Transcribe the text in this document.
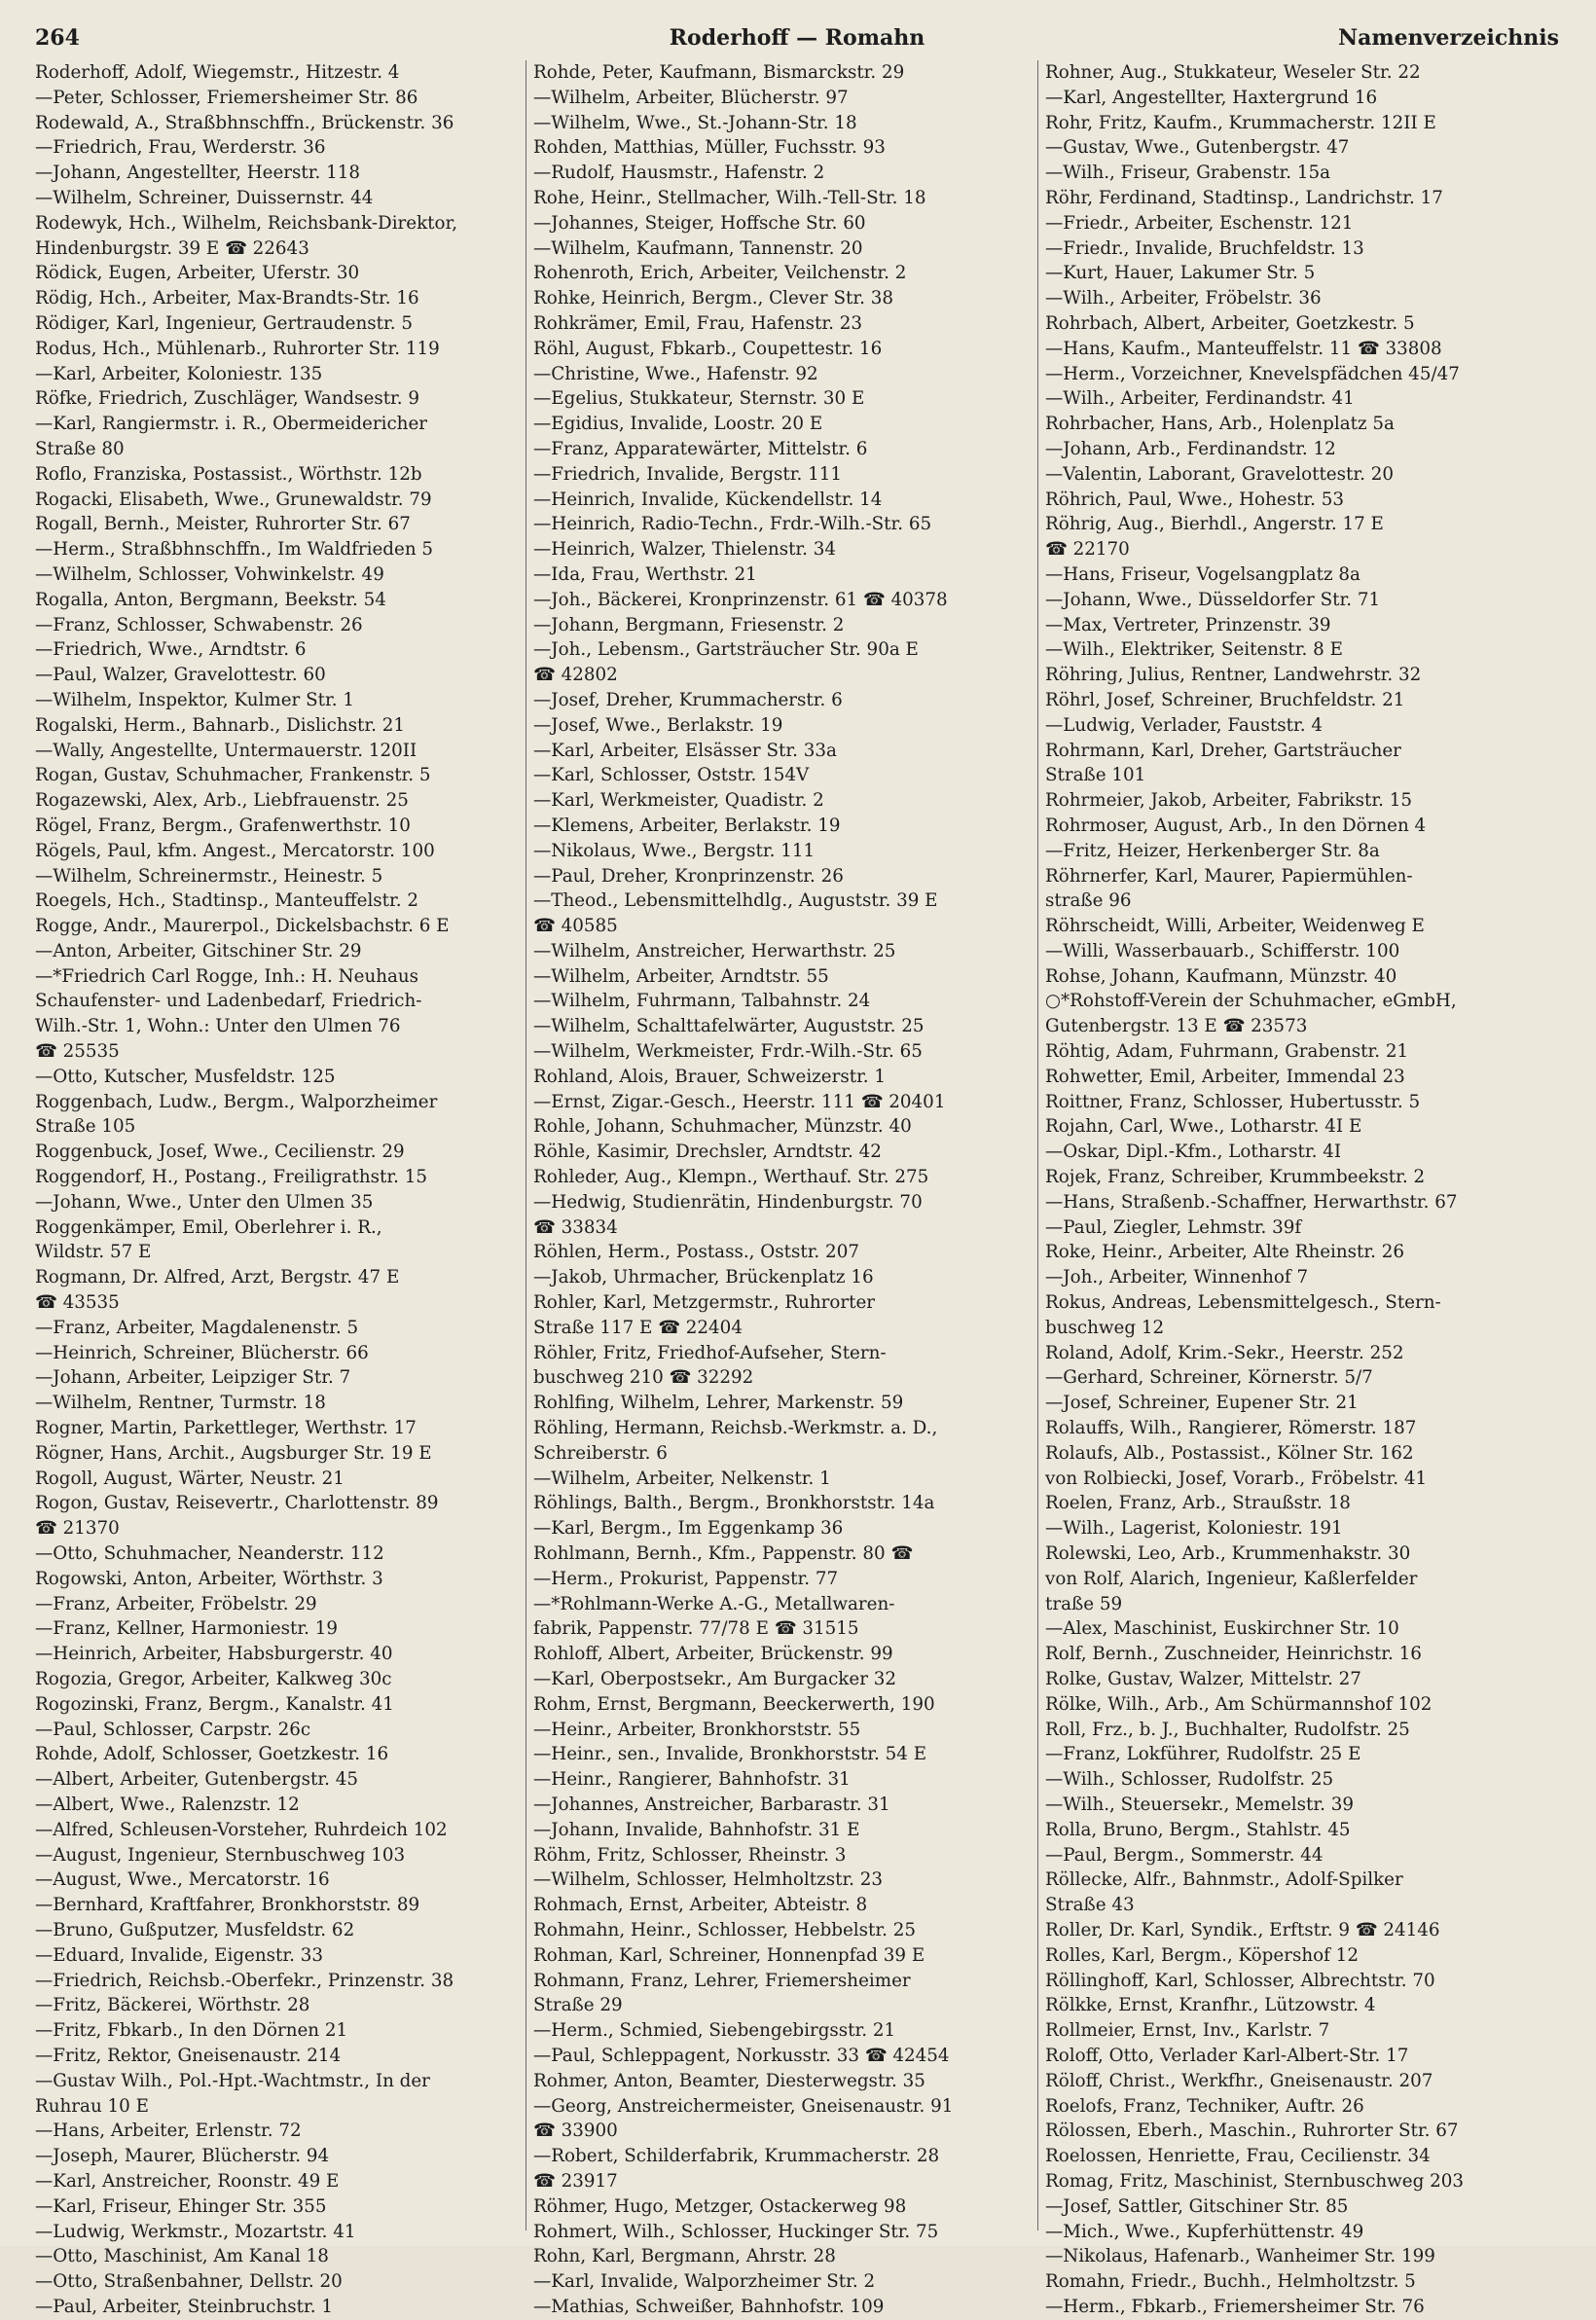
264	Roderhoff — Romahn	Namenverzeichnis
Roderhoff, Adolf, Wiegemstr., Hitzestr. 4
—Peter, Schlosser, Friemersheimer Str. 86
Rodewald, A., Straßbhnschffn., Brückenstr. 36
—Friedrich, Frau, Werderstr. 36
—Johann, Angestellter, Heerstr. 118
—Wilhelm, Schreiner, Duissernstr. 44
Rodewyk, Hch., Wilhelm, Reichsbank-Direktor,
Hindenburgstr. 39 E ☎ 22643
Rödick, Eugen, Arbeiter, Uferstr. 30
Rödig, Hch., Arbeiter, Max-Brandts-Str. 16
Rödiger, Karl, Ingenieur, Gertraudenstr. 5
Rodus, Hch., Mühlenarb., Ruhrorter Str. 119
—Karl, Arbeiter, Koloniestr. 135
Röfke, Friedrich, Zuschläger, Wandsestr. 9
—Karl, Rangiermstr. i. R., Obermeidericher
Straße 80
Roflo, Franziska, Postassist., Wörthstr. 12b
Rogacki, Elisabeth, Wwe., Grunewaldstr. 79
Rogall, Bernh., Meister, Ruhrorter Str. 67
—Herm., Straßbhnschffn., Im Waldfrieden 5
—Wilhelm, Schlosser, Vohwinkelstr. 49
Rogalla, Anton, Bergmann, Beekstr. 54
—Franz, Schlosser, Schwabenstr. 26
—Friedrich, Wwe., Arndtstr. 6
—Paul, Walzer, Gravelottestr. 60
—Wilhelm, Inspektor, Kulmer Str. 1
Rogalski, Herm., Bahnarb., Dislichstr. 21
—Wally, Angestellte, Untermauerstr. 120II
Rogan, Gustav, Schuhmacher, Frankenstr. 5
Rogazewski, Alex, Arb., Liebfrauenstr. 25
Rögel, Franz, Bergm., Grafenwerthstr. 10
Rögels, Paul, kfm. Angest., Mercatorstr. 100
—Wilhelm, Schreinermstr., Heinestr. 5
Roegels, Hch., Stadtinsp., Manteuffelstr. 2
Rogge, Andr., Maurerpol., Dickelsbachstr. 6 E
—Anton, Arbeiter, Gitschiner Str. 29
—*Friedrich Carl Rogge, Inh.: H. Neuhaus
Schaufenster- und Ladenbedarf, Friedrich-
Wilh.-Str. 1, Wohn.: Unter den Ulmen 76
☎ 25535
—Otto, Kutscher, Musfeldstr. 125
Roggenbach, Ludw., Bergm., Walporzheimer
Straße 105
Roggenbuck, Josef, Wwe., Cecilienstr. 29
Roggendorf, H., Postang., Freiligrathstr. 15
—Johann, Wwe., Unter den Ulmen 35
Roggenkämper, Emil, Oberlehrer i. R.,
Wildstr. 57 E
Rogmann, Dr. Alfred, Arzt, Bergstr. 47 E
☎ 43535
—Franz, Arbeiter, Magdalenenstr. 5
—Heinrich, Schreiner, Blücherstr. 66
—Johann, Arbeiter, Leipziger Str. 7
—Wilhelm, Rentner, Turmstr. 18
Rogner, Martin, Parkettleger, Werthstr. 17
Rögner, Hans, Archit., Augsburger Str. 19 E
Rogoll, August, Wärter, Neustr. 21
Rogon, Gustav, Reisevertr., Charlottenstr. 89
☎ 21370
—Otto, Schuhmacher, Neanderstr. 112
Rogowski, Anton, Arbeiter, Wörthstr. 3
—Franz, Arbeiter, Fröbelstr. 29
—Franz, Kellner, Harmoniestr. 19
—Heinrich, Arbeiter, Habsburgerstr. 40
Rogozia, Gregor, Arbeiter, Kalkweg 30c
Rogozinski, Franz, Bergm., Kanalstr. 41
—Paul, Schlosser, Carpstr. 26c
Rohde, Adolf, Schlosser, Goetzkestr. 16
—Albert, Arbeiter, Gutenbergstr. 45
—Albert, Wwe., Ralenzstr. 12
—Alfred, Schleusen-Vorsteher, Ruhrdeich 102
—August, Ingenieur, Sternbuschweg 103
—August, Wwe., Mercatorstr. 16
—Bernhard, Kraftfahrer, Bronkhorststr. 89
—Bruno, Gußputzer, Musfeldstr. 62
—Eduard, Invalide, Eigenstr. 33
—Friedrich, Reichsb.-Oberfekr., Prinzenstr. 38
—Fritz, Bäckerei, Wörthstr. 28
—Fritz, Fbkarb., In den Dörnen 21
—Fritz, Rektor, Gneisenaustr. 214
—Gustav Wilh., Pol.-Hpt.-Wachtmstr., In der
Ruhrau 10 E
—Hans, Arbeiter, Erlenstr. 72
—Joseph, Maurer, Blücherstr. 94
—Karl, Anstreicher, Roonstr. 49 E
—Karl, Friseur, Ehinger Str. 355
—Ludwig, Werkmstr., Mozartstr. 41
—Otto, Maschinist, Am Kanal 18
—Otto, Straßenbahner, Dellstr. 20
—Paul, Arbeiter, Steinbruchstr. 1
Rohde, Peter, Kaufmann, Bismarckstr. 29
—Wilhelm, Arbeiter, Blücherstr. 97
—Wilhelm, Wwe., St.-Johann-Str. 18
Rohden, Matthias, Müller, Fuchsstr. 93
—Rudolf, Hausmstr., Hafenstr. 2
Rohe, Heinr., Stellmacher, Wilh.-Tell-Str. 18
—Johannes, Steiger, Hoffsche Str. 60
—Wilhelm, Kaufmann, Tannenstr. 20
Rohenroth, Erich, Arbeiter, Veilchenstr. 2
Rohke, Heinrich, Bergm., Clever Str. 38
Rohkrämer, Emil, Frau, Hafenstr. 23
Röhl, August, Fbkarb., Coupettestr. 16
—Christine, Wwe., Hafenstr. 92
—Egelius, Stukkateur, Sternstr. 30 E
—Egidius, Invalide, Loostr. 20 E
—Franz, Apparatewärter, Mittelstr. 6
—Friedrich, Invalide, Bergstr. 111
—Heinrich, Invalide, Kückendellstr. 14
—Heinrich, Radio-Techn., Frdr.-Wilh.-Str. 65
—Heinrich, Walzer, Thielenstr. 34
—Ida, Frau, Werthstr. 21
—Joh., Bäckerei, Kronprinzenstr. 61 ☎ 40378
—Johann, Bergmann, Friesenstr. 2
—Joh., Lebensm., Gartsträucher Str. 90a E
☎ 42802
—Josef, Dreher, Krummacherstr. 6
—Josef, Wwe., Berlakstr. 19
—Karl, Arbeiter, Elsässer Str. 33a
—Karl, Schlosser, Oststr. 154V
—Karl, Werkmeister, Quadistr. 2
—Klemens, Arbeiter, Berlakstr. 19
—Nikolaus, Wwe., Bergstr. 111
—Paul, Dreher, Kronprinzenstr. 26
—Theod., Lebensmittelhdlg., Auguststr. 39 E
☎ 40585
—Wilhelm, Anstreicher, Herwarthstr. 25
—Wilhelm, Arbeiter, Arndtstr. 55
—Wilhelm, Fuhrmann, Talbahnstr. 24
—Wilhelm, Schalttafelwärter, Auguststr. 25
—Wilhelm, Werkmeister, Frdr.-Wilh.-Str. 65
Rohland, Alois, Brauer, Schweizerstr. 1
—Ernst, Zigar.-Gesch., Heerstr. 111 ☎ 20401
Rohle, Johann, Schuhmacher, Münzstr. 40
Röhle, Kasimir, Drechsler, Arndtstr. 42
Rohleder, Aug., Klempn., Werthauf. Str. 275
—Hedwig, Studienrätin, Hindenburgstr. 70
☎ 33834
Röhlen, Herm., Postass., Oststr. 207
—Jakob, Uhrmacher, Brückenplatz 16
Rohler, Karl, Metzgermstr., Ruhrorter
Straße 117 E ☎ 22404
Röhler, Fritz, Friedhof-Aufseher, Stern-
buschweg 210 ☎ 32292
Rohlfing, Wilhelm, Lehrer, Markenstr. 59
Röhling, Hermann, Reichsb.-Werkmstr. a. D.,
Schreiberstr. 6
—Wilhelm, Arbeiter, Nelkenstr. 1
Röhlings, Balth., Bergm., Bronkhorststr. 14a
—Karl, Bergm., Im Eggenkamp 36
Rohlmann, Bernh., Kfm., Pappenstr. 80 ☎
—Herm., Prokurist, Pappenstr. 77
—*Rohlmann-Werke A.-G., Metallwaren-
fabrik, Pappenstr. 77/78 E ☎ 31515
Rohloff, Albert, Arbeiter, Brückenstr. 99
—Karl, Oberpostsekr., Am Burgacker 32
Rohm, Ernst, Bergmann, Beeckerwerth, 190
—Heinr., Arbeiter, Bronkhorststr. 55
—Heinr., sen., Invalide, Bronkhorststr. 54 E
—Heinr., Rangierer, Bahnhofstr. 31
—Johannes, Anstreicher, Barbarastr. 31
—Johann, Invalide, Bahnhofstr. 31 E
Röhm, Fritz, Schlosser, Rheinstr. 3
—Wilhelm, Schlosser, Helmholtzstr. 23
Rohmach, Ernst, Arbeiter, Abteistr. 8
Rohmahn, Heinr., Schlosser, Hebbelstr. 25
Rohman, Karl, Schreiner, Honnenpfad 39 E
Rohmann, Franz, Lehrer, Friemersheimer
Straße 29
—Herm., Schmied, Siebengebirgsstr. 21
—Paul, Schleppagent, Norkusstr. 33 ☎ 42454
Rohmer, Anton, Beamter, Diesterwegstr. 35
—Georg, Anstreichermeister, Gneisenaustr. 91
☎ 33900
—Robert, Schilderfabrik, Krummacherstr. 28
☎ 23917
Röhmer, Hugo, Metzger, Ostackerweg 98
Rohmert, Wilh., Schlosser, Huckinger Str. 75
Rohn, Karl, Bergmann, Ahrstr. 28
—Karl, Invalide, Walporzheimer Str. 2
—Mathias, Schweißer, Bahnhofstr. 109
Rohner, Aug., Stukkateur, Weseler Str. 22
—Karl, Angestellter, Haxtergrund 16
Rohr, Fritz, Kaufm., Krummacherstr. 12II E
—Gustav, Wwe., Gutenbergstr. 47
—Wilh., Friseur, Grabenstr. 15a
Röhr, Ferdinand, Stadtinsp., Landrichstr. 17
—Friedr., Arbeiter, Eschenstr. 121
—Friedr., Invalide, Bruchfeldstr. 13
—Kurt, Hauer, Lakumer Str. 5
—Wilh., Arbeiter, Fröbelstr. 36
Rohrbach, Albert, Arbeiter, Goetzkestr. 5
—Hans, Kaufm., Manteuffelstr. 11 ☎ 33808
—Herm., Vorzeichner, Knevelspfädchen 45/47
—Wilh., Arbeiter, Ferdinandstr. 41
Rohrbacher, Hans, Arb., Holenplatz 5a
—Johann, Arb., Ferdinandstr. 12
—Valentin, Laborant, Gravelottestr. 20
Röhrich, Paul, Wwe., Hohestr. 53
Röhrig, Aug., Bierhdl., Angerstr. 17 E
☎ 22170
—Hans, Friseur, Vogelsangplatz 8a
—Johann, Wwe., Düsseldorfer Str. 71
—Max, Vertreter, Prinzenstr. 39
—Wilh., Elektriker, Seitenstr. 8 E
Röhring, Julius, Rentner, Landwehrstr. 32
Röhrl, Josef, Schreiner, Bruchfeldstr. 21
—Ludwig, Verlader, Fauststr. 4
Rohrmann, Karl, Dreher, Gartsträucher
Straße 101
Rohrmeier, Jakob, Arbeiter, Fabrikstr. 15
Rohrmoser, August, Arb., In den Dörnen 4
—Fritz, Heizer, Herkenberger Str. 8a
Röhrnerfer, Karl, Maurer, Papiermühlen-
straße 96
Röhrscheidt, Willi, Arbeiter, Weidenweg E
—Willi, Wasserbauarb., Schifferstr. 100
Rohse, Johann, Kaufmann, Münzstr. 40
○*Rohstoff-Verein der Schuhmacher, eGmbH,
Gutenbergstr. 13 E ☎ 23573
Röhtig, Adam, Fuhrmann, Grabenstr. 21
Rohwetter, Emil, Arbeiter, Immendal 23
Roittner, Franz, Schlosser, Hubertusstr. 5
Rojahn, Carl, Wwe., Lotharstr. 4I E
—Oskar, Dipl.-Kfm., Lotharstr. 4I
Rojek, Franz, Schreiber, Krummbeekstr. 2
—Hans, Straßenb.-Schaffner, Herwarthstr. 67
—Paul, Ziegler, Lehmstr. 39f
Roke, Heinr., Arbeiter, Alte Rheinstr. 26
—Joh., Arbeiter, Winnenhof 7
Rokus, Andreas, Lebensmittelgesch., Stern-
buschweg 12
Roland, Adolf, Krim.-Sekr., Heerstr. 252
—Gerhard, Schreiner, Körnerstr. 5/7
—Josef, Schreiner, Eupener Str. 21
Rolauffs, Wilh., Rangierer, Römerstr. 187
Rolaufs, Alb., Postassist., Kölner Str. 162
von Rolbiecki, Josef, Vorarb., Fröbelstr. 41
Roelen, Franz, Arb., Straußstr. 18
—Wilh., Lagerist, Koloniestr. 191
Rolewski, Leo, Arb., Krummenhakstr. 30
von Rolf, Alarich, Ingenieur, Kaßlerfelder
traße 59
—Alex, Maschinist, Euskirchner Str. 10
Rolf, Bernh., Zuschneider, Heinrichstr. 16
Rolke, Gustav, Walzer, Mittelstr. 27
Rölke, Wilh., Arb., Am Schürmannshof 102
Roll, Frz., b. J., Buchhalter, Rudolfstr. 25
—Franz, Lokführer, Rudolfstr. 25 E
—Wilh., Schlosser, Rudolfstr. 25
—Wilh., Steuersekr., Memelstr. 39
Rolla, Bruno, Bergm., Stahlstr. 45
—Paul, Bergm., Sommerstr. 44
Röllecke, Alfr., Bahnmstr., Adolf-Spilker
Straße 43
Roller, Dr. Karl, Syndik., Erftstr. 9 ☎ 24146
Rolles, Karl, Bergm., Köpershof 12
Röllinghoff, Karl, Schlosser, Albrechtstr. 70
Rölkke, Ernst, Kranfhr., Lützowstr. 4
Rollmeier, Ernst, Inv., Karlstr. 7
Roloff, Otto, Verlader Karl-Albert-Str. 17
Röloff, Christ., Werkfhr., Gneisenaustr. 207
Roelofs, Franz, Techniker, Auftr. 26
Rölossen, Eberh., Maschin., Ruhrorter Str. 67
Roelossen, Henriette, Frau, Cecilienstr. 34
Romag, Fritz, Maschinist, Sternbuschweg 203
—Josef, Sattler, Gitschiner Str. 85
—Mich., Wwe., Kupferhüttenstr. 49
—Nikolaus, Hafenarb., Wanheimer Str. 199
Romahn, Friedr., Buchh., Helmholtzstr. 5
—Herm., Fbkarb., Friemersheimer Str. 76
